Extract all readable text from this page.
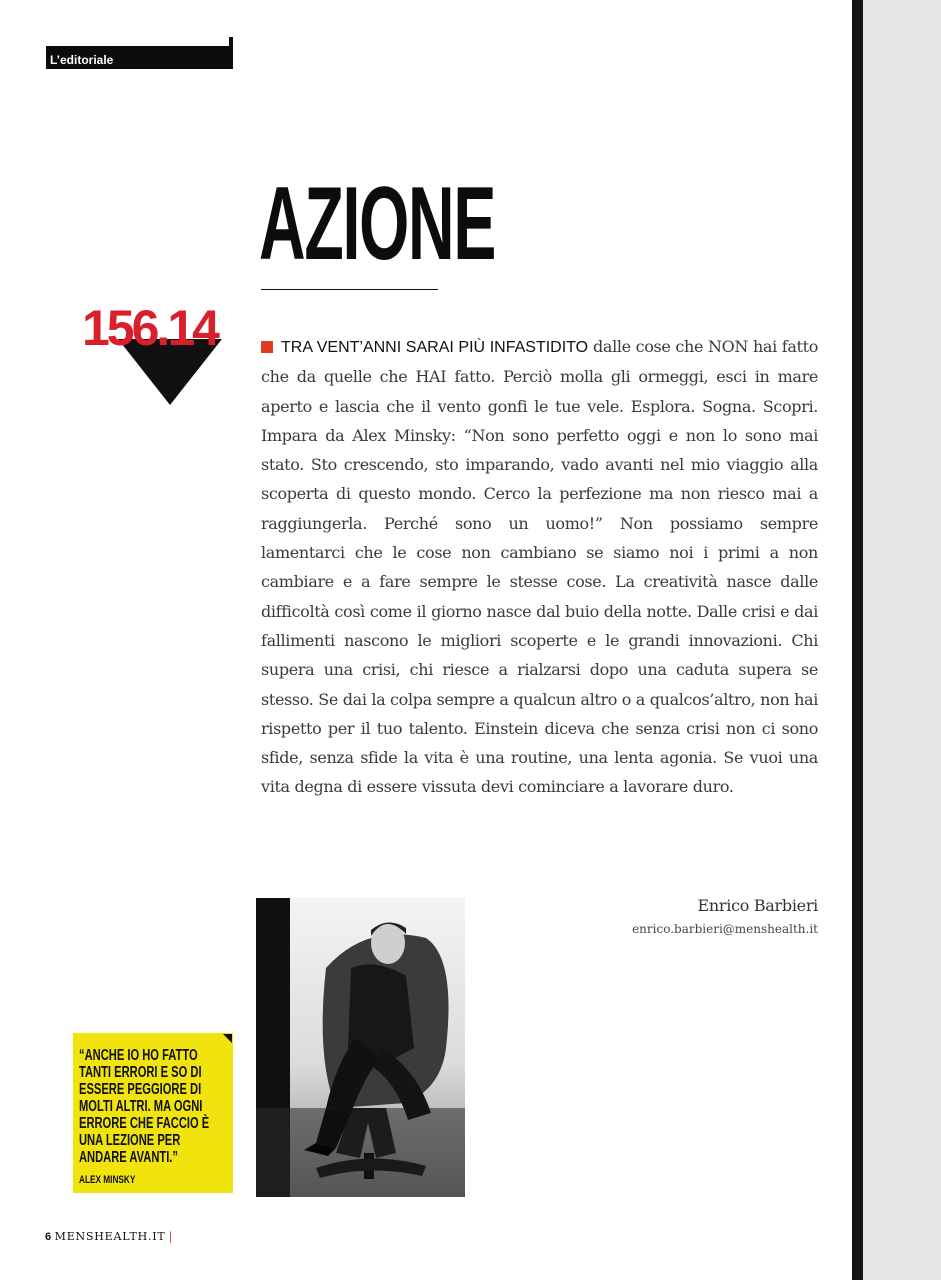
L’editoriale
AZIONE
156.14	TRA VENT’ANNI SARAI PIÙ INFASTIDITO dalle cose che NON hai fatto che da quelle che HAI fatto. Perciò molla gli ormeggi, esci in mare aperto e lascia che il vento gonfi le tue vele. Esplora. Sogna. Scopri. Impara da Alex Minsky: “Non sono perfetto oggi e non lo sono mai stato. Sto crescendo, sto imparando, vado avanti nel mio viaggio alla scoperta di questo mondo. Cerco la perfezione ma non riesco mai a raggiungerla. Perché sono un uomo!” Non possiamo sempre lamentarci che le cose non cambiano se siamo noi i primi a non cambiare e a fare sempre le stesse cose. La creatività nasce dalle difficoltà così come il giorno nasce dal buio della notte. Dalle crisi e dai fallimenti nascono le migliori scoperte e le grandi innovazioni. Chi supera una crisi, chi riesce a rialzarsi dopo una caduta supera se stesso. Se dai la colpa sempre a qualcun altro o a qualcos’altro, non hai rispetto per il tuo talento. Einstein diceva che senza crisi non ci sono sfide, senza sfide la vita è una routine, una lenta agonia. Se vuoi una vita degna di essere vissuta devi cominciare a lavorare duro.

Enrico Barbieri
enrico.barbieri@menshealth.it

“ANCHE IO HO FATTO TANTI ERRORI E SO DI ESSERE PEGGIORE DI MOLTI ALTRI. MA OGNI ERRORE CHE FACCIO È UNA LEZIONE PER ANDARE AVANTI.”

ALEX MINSKY
6 MENSHEALTH.IT |
